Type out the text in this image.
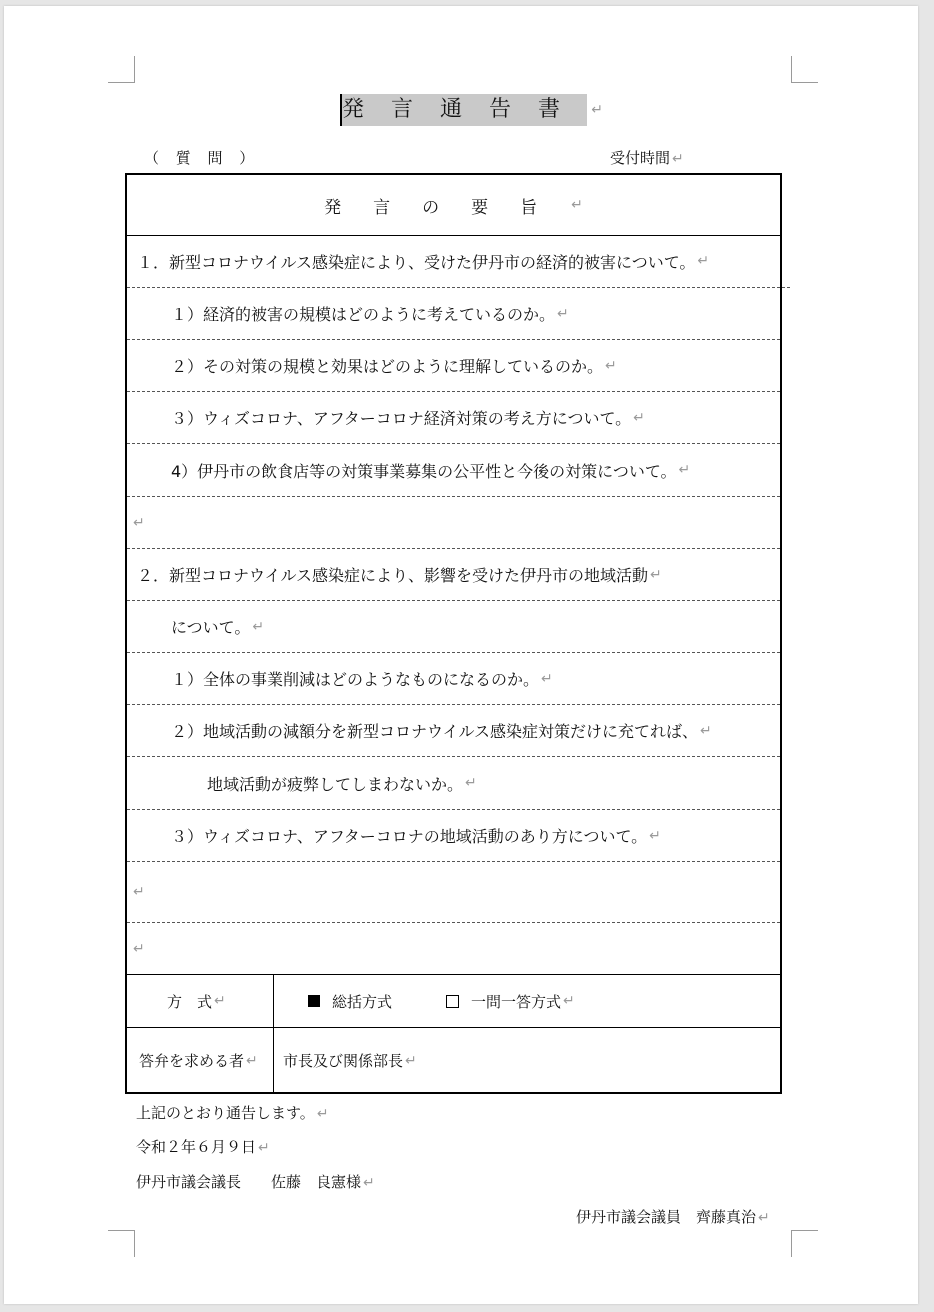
発言通告書 ↵
（ 質 問 ）	受付時間 ↵
発言の要旨 ↵
１．新型コロナウイルス感染症により、受けた伊丹市の経済的被害について。 ↵
１）経済的被害の規模はどのように考えているのか。 ↵
２）その対策の規模と効果はどのように理解しているのか。 ↵
３）ウィズコロナ、アフターコロナ経済対策の考え方について。 ↵
4）伊丹市の飲食店等の対策事業募集の公平性と今後の対策について。 ↵
↵
２．新型コロナウイルス感染症により、影響を受けた伊丹市の地域活動 ↵
について。 ↵
１）全体の事業削減はどのようなものになるのか。 ↵
２）地域活動の減額分を新型コロナウイルス感染症対策だけに充てれば、 ↵
地域活動が疲弊してしまわないか。 ↵
３）ウィズコロナ、アフターコロナの地域活動のあり方について。 ↵
↵
↵
方　式 ↵	総括方式	一問一答方式 ↵
答弁を求める者 ↵ 市長及び関係部長 ↵
上記のとおり通告します。 ↵
令和２年６月９日 ↵
伊丹市議会議長　　佐藤　良憲様 ↵
伊丹市議会議員　齊藤真治 ↵
